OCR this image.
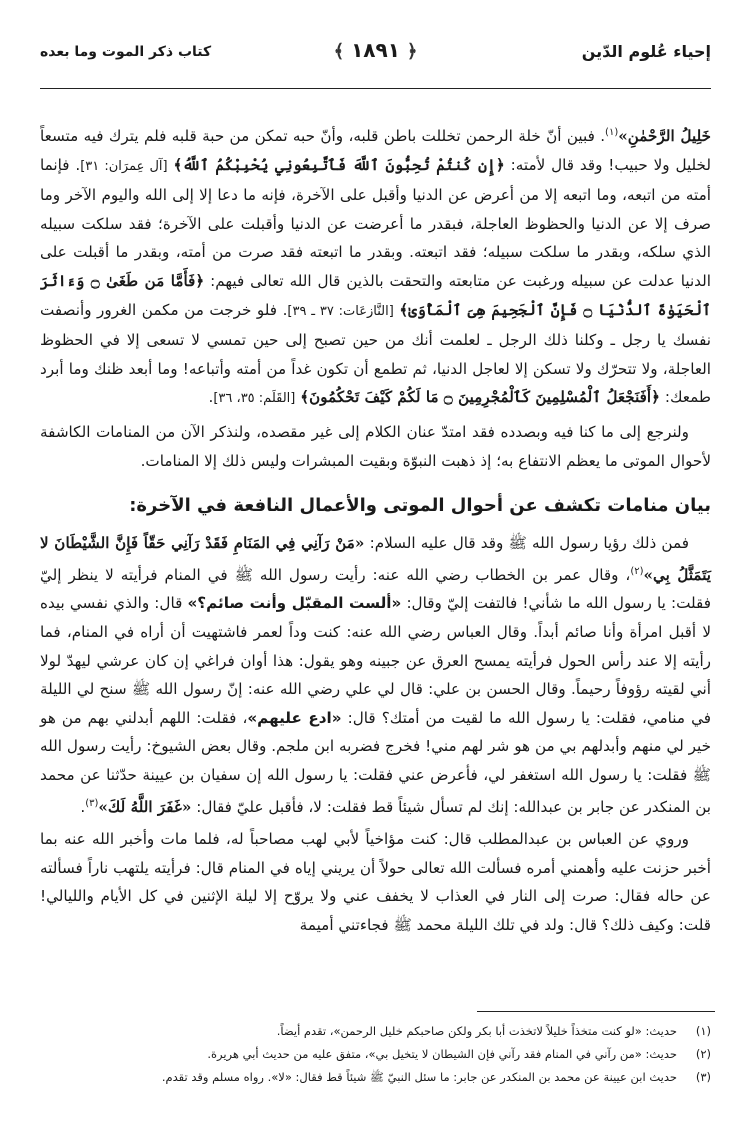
إحياء عُلوم الدّين
﴿ ١٨٩١ ﴾
كتاب ذكر الموت وما بعده

خَلِيلُ الرَّحْمٰنِ»$^{(١)}$. فبين أنّ خلة الرحمن تخللت باطن قلبه، وأنّ حبه تمكن من حبة قلبه فلم يترك فيه متسعاً لخليل ولا حبيب! وقد قال لأمته: ﴿إِن كُنتُمْ تُحِبُّونَ ٱللَّهَ فَٱتَّبِعُونِي يُحْبِبْكُمُ ٱللَّهُ﴾ [آل عِمرَان: ٣١]. فإنما أمته من اتبعه، وما اتبعه إلا من أعرض عن الدنيا وأقبل على الآخرة، فإنه ما دعا إلا إلى الله واليوم الآخر وما صرف إلا عن الدنيا والحظوظ العاجلة، فبقدر ما أعرضت عن الدنيا وأقبلت على الآخرة؛ فقد سلكت سبيله الذي سلكه، وبقدر ما سلكت سبيله؛ فقد اتبعته. وبقدر ما اتبعته فقد صرت من أمته، وبقدر ما أقبلت على الدنيا عدلت عن سبيله ورغبت عن متابعته والتحقت بالذين قال الله تعالى فيهم: ﴿فَأَمَّا مَن طَغَىٰ ۝ وَءَاثَرَ ٱلْحَيَوٰةَ ٱلدُّنْيَا ۝ فَإِنَّ ٱلْجَحِيمَ هِىَ ٱلْمَأْوَىٰ﴾ [النَّازعَات: ٣٧ ـ ٣٩]. فلو خرجت من مكمن الغرور وأنصفت نفسك يا رجل ـ وكلنا ذلك الرجل ـ لعلمت أنك من حين تصبح إلى حين تمسي لا تسعى إلا في الحظوظ العاجلة، ولا تتحرّك ولا تسكن إلا لعاجل الدنيا، ثم تطمع أن تكون غداً من أمته وأتباعه! وما أبعد ظنك وما أبرد طمعك: ﴿أَفَنَجْعَلُ ٱلْمُسْلِمِينَ كَٱلْمُجْرِمِينَ ۝ مَا لَكُمْ كَيْفَ تَحْكُمُونَ﴾ [القَلَم: ٣٥، ٣٦].

ولنرجع إلى ما كنا فيه وبصدده فقد امتدّ عنان الكلام إلى غير مقصده، ولنذكر الآن من المنامات الكاشفة لأحوال الموتى ما يعظم الانتفاع به؛ إذ ذهبت النبوّة وبقيت المبشرات وليس ذلك إلا المنامات.

بيان منامات تكشف عن أحوال الموتى والأعمال النافعة في الآخرة:

فمن ذلك رؤيا رسول الله ﷺ وقد قال عليه السلام: «مَنْ رَآنِي فِي المَنَامِ فَقَدْ رَآنِي حَقّاً فَإِنَّ الشَّيْطَانَ لا يَتَمَثَّلُ بِي»$^{(٢)}$، وقال عمر بن الخطاب رضي الله عنه: رأيت رسول الله ﷺ في المنام فرأيته لا ينظر إليّ فقلت: يا رسول الله ما شأني! فالتفت إليّ وقال: «ألست المقبّل وأنت صائم؟» قال: والذي نفسي بيده لا أقبل امرأة وأنا صائم أبداً. وقال العباس رضي الله عنه: كنت وداً لعمر فاشتهيت أن أراه في المنام، فما رأيته إلا عند رأس الحول فرأيته يمسح العرق عن جبينه وهو يقول: هذا أوان فراغي إن كان عرشي ليهدّ لولا أني لقيته رؤوفاً رحيماً. وقال الحسن بن علي: قال لي علي رضي الله عنه: إنّ رسول الله ﷺ سنح لي الليلة في منامي، فقلت: يا رسول الله ما لقيت من أمتك؟ قال: «ادع عليهم»، فقلت: اللهم أبدلني بهم من هو خير لي منهم وأبدلهم بي من هو شر لهم مني! فخرج فضربه ابن ملجم. وقال بعض الشيوخ: رأيت رسول الله ﷺ فقلت: يا رسول الله استغفر لي، فأعرض عني فقلت: يا رسول الله إن سفيان بن عيينة حدّثنا عن محمد بن المنكدر عن جابر بن عبدالله: إنك لم تسأل شيئاً قط فقلت: لا، فأقبل عليّ فقال: «غَفَرَ اللَّهُ لَكَ»$^{(٣)}$.

وروي عن العباس بن عبدالمطلب قال: كنت مؤاخياً لأبي لهب مصاحباً له، فلما مات وأخبر الله عنه بما أخبر حزنت عليه وأهمني أمره فسألت الله تعالى حولاً أن يريني إياه في المنام قال: فرأيته يلتهب ناراً فسألته عن حاله فقال: صرت إلى النار في العذاب لا يخفف عني ولا يروّح إلا ليلة الإثنين في كل الأيام والليالي! قلت: وكيف ذلك؟ قال: ولد في تلك الليلة محمد ﷺ فجاءتني أميمة

(١)
حديث: «لو كنت متخذاً خليلاً لاتخذت أبا بكر ولكن صاحبكم خليل الرحمن»، تقدم أيضاً.
(٢)
حديث: «من رآني في المنام فقد رآني فإن الشيطان لا يتخيل بي»، متفق عليه من حديث أبي هريرة.
(٣)
حديث ابن عيينة عن محمد بن المنكدر عن جابر: ما سئل النبيّ ﷺ شيئاً قط فقال: «لا». رواه مسلم وقد تقدم.
